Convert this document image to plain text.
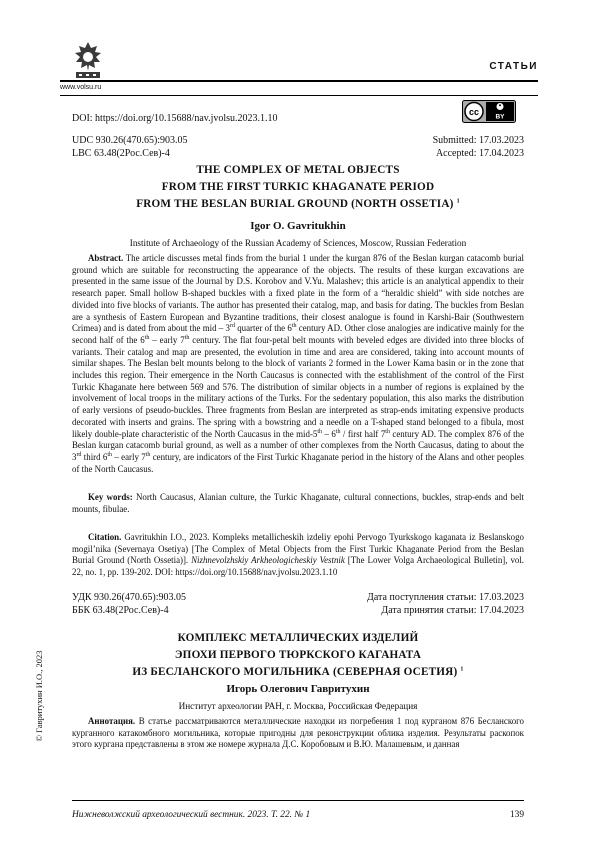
www.volsu.ru
СТАТЬИ
DOI: https://doi.org/10.15688/nav.jvolsu.2023.1.10
cc	BY
UDC 930.26(470.65):903.05
LBC 63.48(2Рос.Сев)-4
Submitted: 17.03.2023
Accepted: 17.04.2023
THE COMPLEX OF METAL OBJECTS
FROM THE FIRST TURKIC KHAGANATE PERIOD
FROM THE BESLAN BURIAL GROUND (NORTH OSSETIA) $^1$
Igor O. Gavritukhin
Institute of Archaeology of the Russian Academy of Sciences, Moscow, Russian Federation
Abstract. The article discusses metal finds from the burial 1 under the kurgan 876 of the Beslan kurgan catacomb burial ground which are suitable for reconstructing the appearance of the objects. The results of these kurgan excavations are presented in the same issue of the Journal by D.S. Korobov and V.Yu. Malashev; this article is an analytical appendix to their research paper. Small hollow B-shaped buckles with a fixed plate in the form of a “heraldic shield” with side notches are divided into five blocks of variants. The author has presented their catalog, map, and basis for dating. The buckles from Beslan are a synthesis of Eastern European and Byzantine traditions, their closest analogue is found in Karshi-Bair (Southwestern Crimea) and is dated from about the mid – 3rd quarter of the 6th century AD. Other close analogies are indicative mainly for the second half of the 6th – early 7th century. The flat four-petal belt mounts with beveled edges are divided into three blocks of variants. Their catalog and map are presented, the evolution in time and area are considered, taking into account mounts of similar shapes. The Beslan belt mounts belong to the block of variants 2 formed in the Lower Kama basin or in the zone that includes this region. Their emergence in the North Caucasus is connected with the establishment of the control of the First Turkic Khaganate here between 569 and 576. The distribution of similar objects in a number of regions is explained by the involvement of local troops in the military actions of the Turks. For the sedentary population, this also marks the distribution of early versions of pseudo-buckles. Three fragments from Beslan are interpreted as strap-ends imitating expensive products decorated with inserts and grains. The spring with a bowstring and a needle on a T-shaped stand belonged to a fibula, most likely double-plate characteristic of the North Caucasus in the mid-5th – 6th / first half 7th century AD. The complex 876 of the Beslan kurgan catacomb burial ground, as well as a number of other complexes from the North Caucasus, dating to about the 3rd third 6th – early 7th century, are indicators of the First Turkic Khaganate period in the history of the Alans and other peoples of the North Caucasus.
Key words: North Caucasus, Alanian culture, the Turkic Khaganate, cultural connections, buckles, strap-ends and belt mounts, fibulae.
Citation. Gavritukhin I.O., 2023. Kompleks metallicheskih izdeliy epohi Pervogo Tyurkskogo kaganata iz Beslanskogo mogil’nika (Severnaya Osetiya) [The Complex of Metal Objects from the First Turkic Khaganate Period from the Beslan Burial Ground (North Ossetia)]. Nizhnevolzhskiy Arkheologicheskiy Vestnik [The Lower Volga Archaeological Bulletin], vol. 22, no. 1, pp. 139-202. DOI: https://doi.org/10.15688/nav.jvolsu.2023.1.10
УДК 930.26(470.65):903.05
ББК 63.48(2Рос.Сев)-4
Дата поступления статьи: 17.03.2023
Дата принятия статьи: 17.04.2023
КОМПЛЕКС МЕТАЛЛИЧЕСКИХ ИЗДЕЛИЙ
ЭПОХИ ПЕРВОГО ТЮРКСКОГО КАГАНАТА
ИЗ БЕСЛАНСКОГО МОГИЛЬНИКА (СЕВЕРНАЯ ОСЕТИЯ) $^1$
Игорь Олегович Гавритухин
Институт археологии РАН, г. Москва, Российская Федерация
Аннотация. В статье рассматриваются металлические находки из погребения 1 под курганом 876 Бесланского курганного катакомбного могильника, которые пригодны для реконструкции облика изделия. Результаты раскопок этого кургана представлены в этом же номере журнала Д.С. Коробовым и В.Ю. Малашевым, и данная
© Гавритухин И.О., 2023
Нижневолжский археологический вестник. 2023. Т. 22. № 1	139
